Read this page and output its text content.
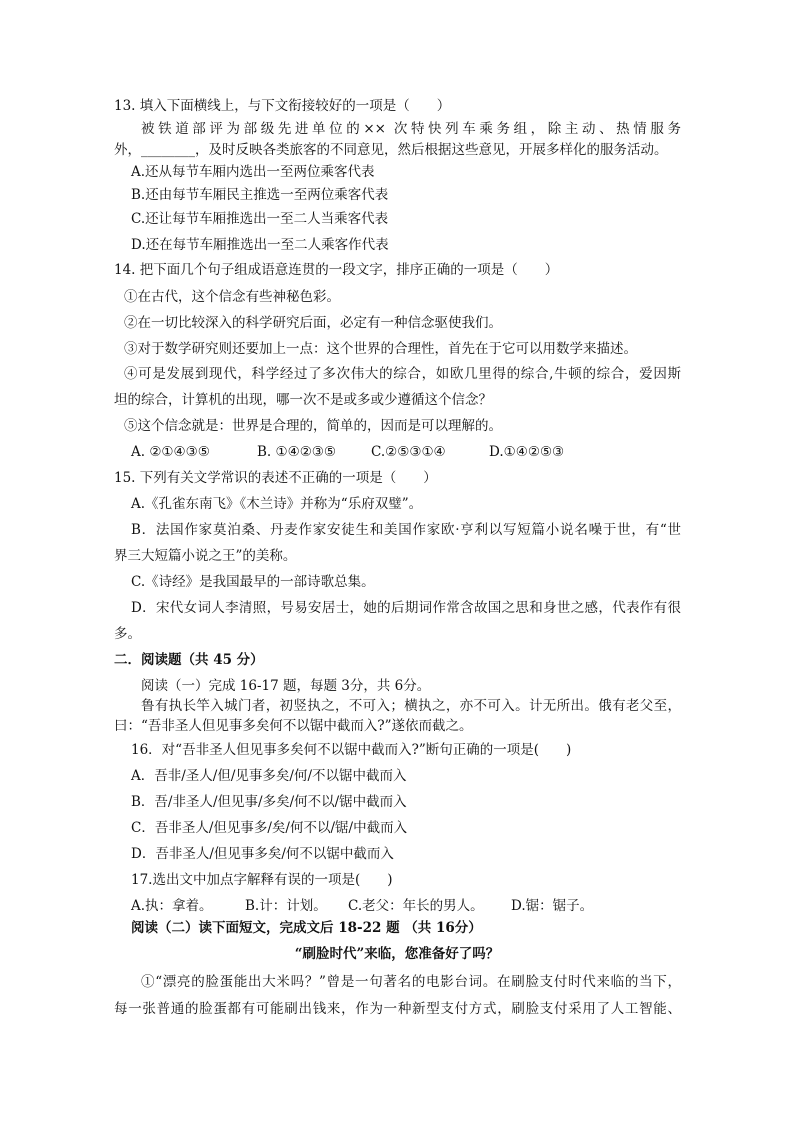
13. 填入下面横线上，与下文衔接较好的一项是（　　）
被铁道部评为部级先进单位的×× 次特快列车乘务组，除主动、热情服务
外，________，及时反映各类旅客的不同意见，然后根据这些意见，开展多样化的服务活动。
A.还从每节车厢内选出一至两位乘客代表
B.还由每节车厢民主推选一至两位乘客代表
C.还让每节车厢推选出一至二人当乘客代表
D.还在每节车厢推选出一至二人乘客作代表
14. 把下面几个句子组成语意连贯的一段文字，排序正确的一项是（　　）
①在古代，这个信念有些神秘色彩。
②在一切比较深入的科学研究后面，必定有一种信念驱使我们。
③对于数学研究则还要加上一点：这个世界的合理性，首先在于它可以用数学来描述。
④可是发展到现代，科学经过了多次伟大的综合，如欧几里得的综合,牛顿的综合，爱因斯
坦的综合，计算机的出现，哪一次不是或多或少遵循这个信念？
⑤这个信念就是：世界是合理的，简单的，因而是可以理解的。
A. ②①④③⑤	B. ①④②③⑤	C.②⑤③①④	D.①④②⑤③
15. 下列有关文学常识的表述不正确的一项是（　　）
A.《孔雀东南飞》《木兰诗》并称为“乐府双璧”。
B．法国作家莫泊桑、丹麦作家安徒生和美国作家欧·亨利以写短篇小说名噪于世，有“世
界三大短篇小说之王”的美称。
C.《诗经》是我国最早的一部诗歌总集。
D．宋代女词人李清照，号易安居士，她的后期词作常含故国之思和身世之感，代表作有很
多。
二．阅读题（共 45 分）
阅读（一）完成 16-17 题，每题 3分，共 6分。
鲁有执长竿入城门者，初竖执之，不可入；横执之，亦不可入。计无所出。俄有老父至，
曰：“吾非圣人但见事多矣何不以锯中截而入?”遂依而截之。
16．对“吾非圣人但见事多矣何不以锯中截而入?”断句正确的一项是(　　)
A．吾非/圣人/但/见事多矣/何/不以锯中截而入
B．吾/非圣人/但见事/多矣/何不以/锯中截而入
C．吾非圣人/但见事多/矣/何不以/锯/中截而入
D．吾非圣人/但见事多矣/何不以锯中截而入
17.选出文中加点字解释有误的一项是(　　)
A.执：拿着。 B.计：计划。 C.老父：年长的男人。 D.锯：锯子。
阅读（二）读下面短文，完成文后 18-22 题 （共 16分）
“刷脸时代”来临，您准备好了吗？
①“漂亮的脸蛋能出大米吗？”曾是一句著名的电影台词。在刷脸支付时代来临的当下，
每一张普通的脸蛋都有可能刷出钱来，作为一种新型支付方式，刷脸支付采用了人工智能、
